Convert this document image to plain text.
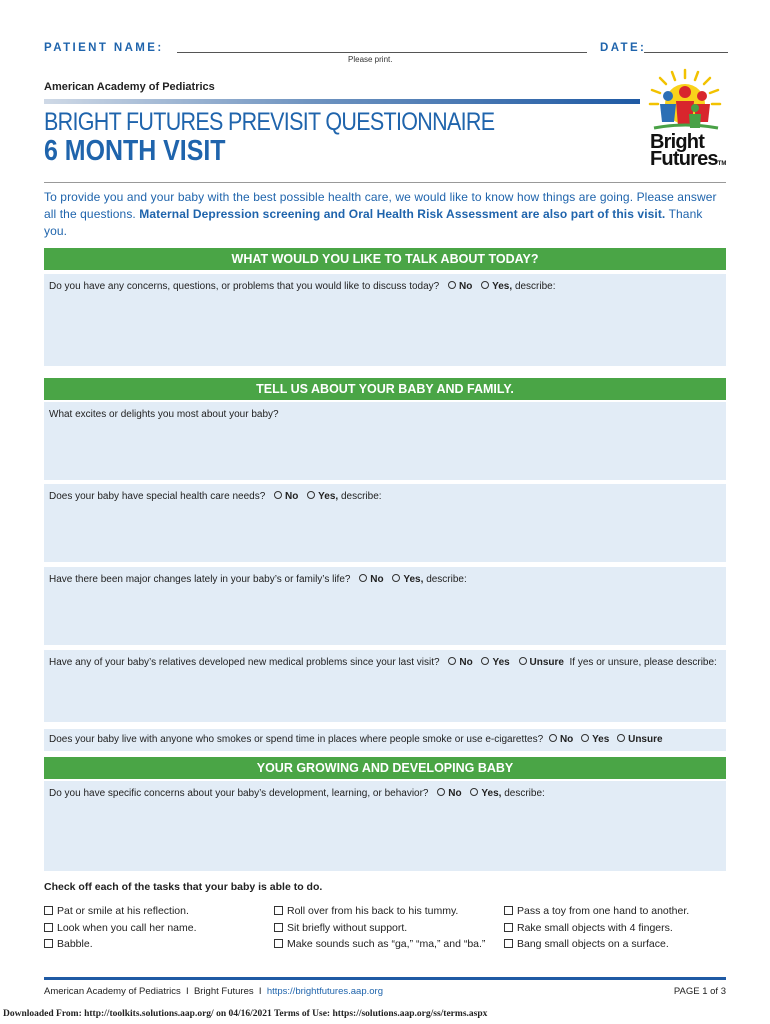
PATIENT NAME:	DATE:
Please print.
American Academy of Pediatrics
BRIGHT FUTURES PREVISIT QUESTIONNAIRE
6 MONTH VISIT	Bright
FuturesTM
To provide you and your baby with the best possible health care, we would like to know how things are going. Please answer all the questions. Maternal Depression screening and Oral Health Risk Assessment are also part of this visit. Thank you.
WHAT WOULD YOU LIKE TO TALK ABOUT TODAY?
Do you have any concerns, questions, or problems that you would like to discuss today? No Yes, describe:
TELL US ABOUT YOUR BABY AND FAMILY.
What excites or delights you most about your baby?
Does your baby have special health care needs? No Yes, describe:
Have there been major changes lately in your baby’s or family’s life? No Yes, describe:
Have any of your baby’s relatives developed new medical problems since your last visit? No Yes Unsure If yes or unsure, please describe:
Does your baby live with anyone who smokes or spend time in places where people smoke or use e-cigarettes? No Yes Unsure
YOUR GROWING AND DEVELOPING BABY
Do you have specific concerns about your baby’s development, learning, or behavior? No Yes, describe:
Check off each of the tasks that your baby is able to do.
Pat or smile at his reflection.
Look when you call her name.
Babble.
Roll over from his back to his tummy.
Sit briefly without support.
Make sounds such as “ga,” “ma,” and “ba.”
Pass a toy from one hand to another.
Rake small objects with 4 fingers.
Bang small objects on a surface.
American Academy of Pediatrics  I  Bright Futures  I  https://brightfutures.aap.org	PAGE 1 of 3
Downloaded From: http://toolkits.solutions.aap.org/ on 04/16/2021 Terms of Use: https://solutions.aap.org/ss/terms.aspx
